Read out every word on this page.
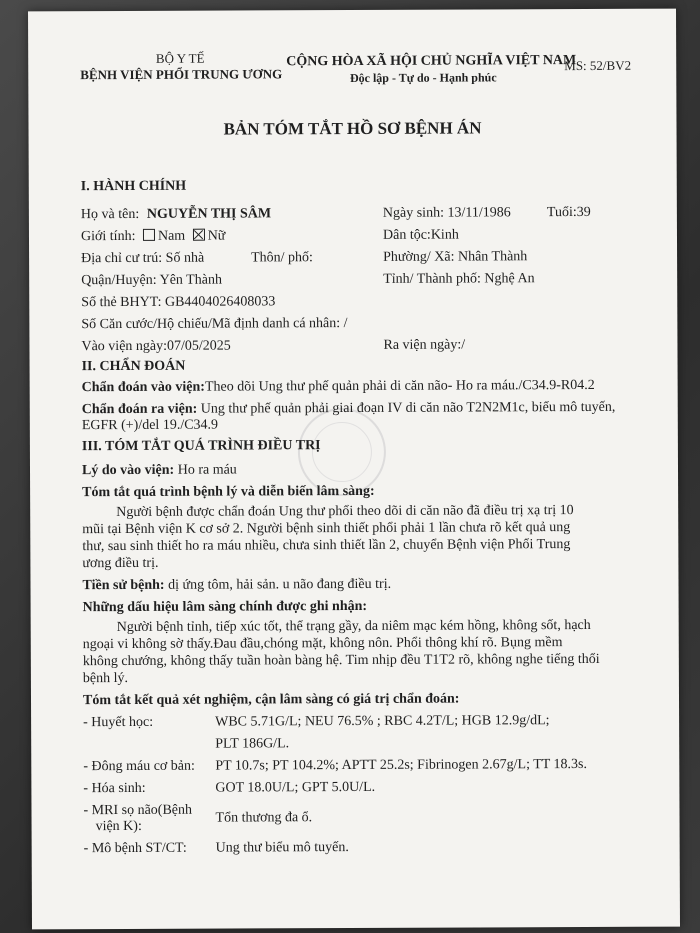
BỘ Y TẾ
BỆNH VIỆN PHỔI TRUNG ƯƠNG
CỘNG HÒA XÃ HỘI CHỦ NGHĨA VIỆT NAM
Độc lập - Tự do - Hạnh phúc
MS: 52/BV2
BẢN TÓM TẮT HỒ SƠ BỆNH ÁN
I. HÀNH CHÍNH
Họ và tên: NGUYỄN THỊ SÂM	Ngày sinh: 13/11/1986	Tuổi:39
Giới tính: Nam Nữ	Dân tộc:Kinh
Địa chỉ cư trú: Số nhà	Thôn/ phố:	Phường/ Xã: Nhân Thành
Quận/Huyện: Yên Thành	Tỉnh/ Thành phố: Nghệ An
Số thẻ BHYT: GB4404026408033
Số Căn cước/Hộ chiếu/Mã định danh cá nhân: /
Vào viện ngày:07/05/2025	Ra viện ngày:/
II. CHẨN ĐOÁN
Chẩn đoán vào viện:Theo dõi Ung thư phế quản phải di căn não- Ho ra máu./C34.9-R04.2
Chẩn đoán ra viện: Ung thư phế quản phải giai đoạn IV di căn não T2N2M1c, biểu mô tuyến,
EGFR (+)/del 19./C34.9
III. TÓM TẮT QUÁ TRÌNH ĐIỀU TRỊ
Lý do vào viện: Ho ra máu
Tóm tắt quá trình bệnh lý và diễn biến lâm sàng:
Người bệnh được chẩn đoán Ung thư phổi theo dõi di căn não đã điều trị xạ trị 10
mũi tại Bệnh viện K cơ sở 2. Người bệnh sinh thiết phổi phải 1 lần chưa rõ kết quả ung
thư, sau sinh thiết ho ra máu nhiều, chưa sinh thiết lần 2, chuyển Bệnh viện Phổi Trung
ương điều trị.
Tiền sử bệnh: dị ứng tôm, hải sản. u não đang điều trị.
Những dấu hiệu lâm sàng chính được ghi nhận:
Người bệnh tỉnh, tiếp xúc tốt, thể trạng gầy, da niêm mạc kém hồng, không sốt, hạch
ngoại vi không sờ thấy.Đau đầu,chóng mặt, không nôn. Phổi thông khí rõ. Bụng mềm
không chướng, không thấy tuần hoàn bàng hệ. Tim nhịp đều T1T2 rõ, không nghe tiếng thổi
bệnh lý.
Tóm tắt kết quả xét nghiệm, cận lâm sàng có giá trị chẩn đoán:
- Huyết học:	WBC 5.71G/L; NEU 76.5% ; RBC 4.2T/L; HGB 12.9g/dL;
PLT 186G/L.
- Đông máu cơ bản: PT 10.7s; PT 104.2%; APTT 25.2s; Fibrinogen 2.67g/L; TT 18.3s.
- Hóa sinh:	GOT 18.0U/L; GPT 5.0U/L.
- MRI sọ não(Bệnh
viện K):
Tổn thương đa ổ.
- Mô bệnh ST/CT: Ung thư biểu mô tuyến.
